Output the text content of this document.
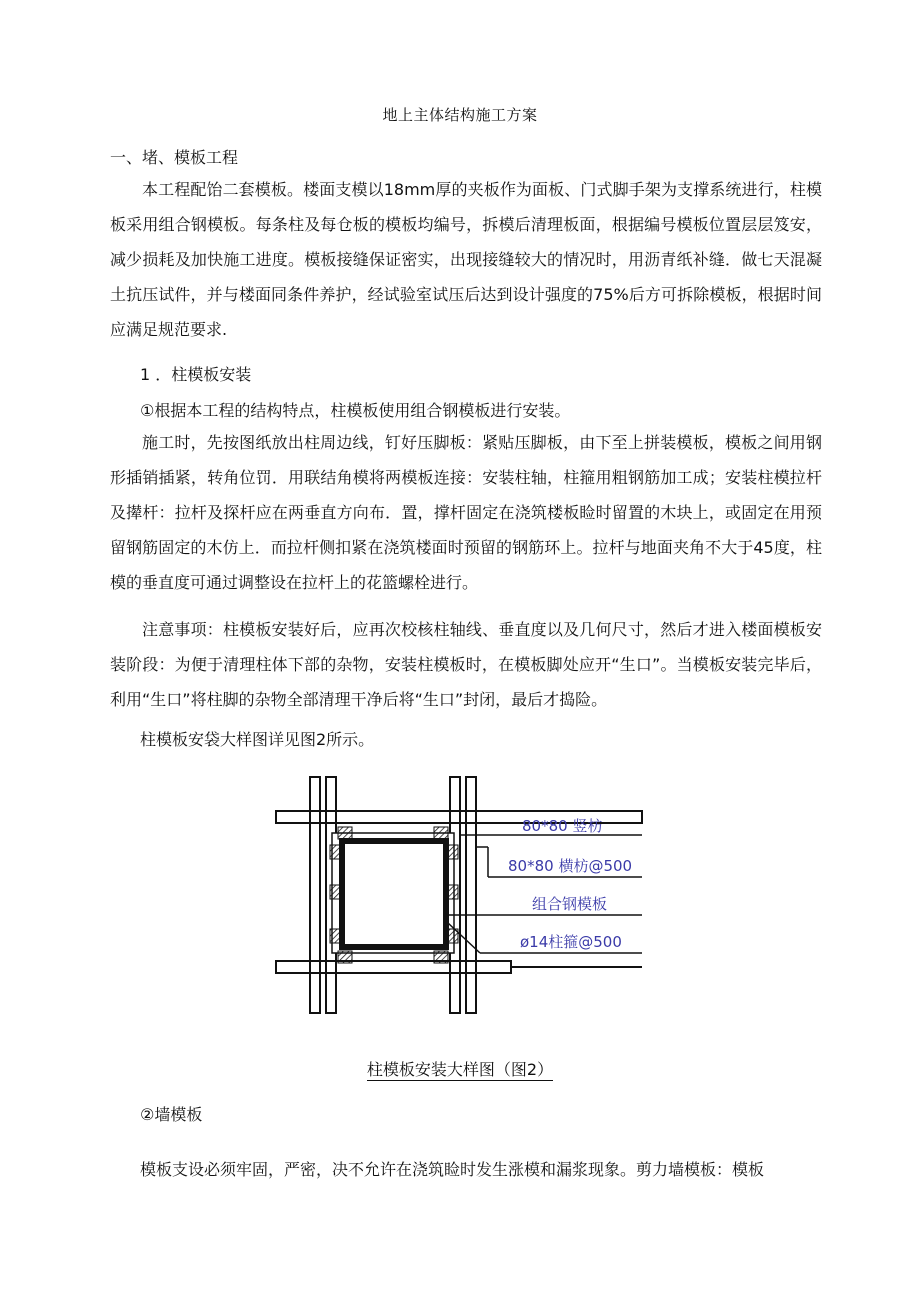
地上主体结构施工方案
一、堵、模板工程

本工程配饴二套模板。楼面支模以18mm厚的夹板作为面板、门式脚手架为支撑系统进行，柱模板采用组合钢模板。每条柱及每仓板的模板均编号，拆模后清理板面，根据编号模板位置层层笈安，减少损耗及加快施工进度。模板接缝保证密实，出现接缝较大的情况时，用沥青纸补缝．做七天混凝土抗压试件，并与楼面同条件养护，经试验室试压后达到设计强度的75%后方可拆除模板，根据时间应满足规范要求.

1 ．柱模板安装
①根据本工程的结构特点，柱模板使用组合钢模板进行安装。

施工时，先按图纸放出柱周边线，钉好压脚板：紧贴压脚板，由下至上拼装模板，模板之间用钢形插销插紧，转角位罚．用联结角模将两模板连接：安装柱轴，柱箍用粗钢筋加工成；安装柱模拉杆及撵杆：拉杆及探杆应在两垂直方向布．置，撑杆固定在浇筑楼板睑时留置的木块上，或固定在用预留钢筋固定的木仿上．而拉杆侧扣紧在浇筑楼面时预留的钢筋环上。拉杆与地面夹角不大于45度，柱模的垂直度可通过调整设在拉杆上的花篮螺栓进行。

注意事项：柱模板安装好后，应再次校核柱轴线、垂直度以及几何尺寸，然后才进入楼面模板安装阶段：为便于清理柱体下部的杂物，安装柱模板时，在模板脚处应开“生口”。当模板安装完毕后，利用“生口”将柱脚的杂物全部清理干净后将“生口”封闭，最后才捣险。

柱模板安袋大样图详见图2所示。
80*80 竖枋
80*80 横枋@500
组合钢模板
ø14柱箍@500
柱模板安装大样图（图2）
②墙模板
模板支设必须牢固，严密，决不允许在浇筑睑时发生涨模和漏浆现象。剪力墙模板：模板
